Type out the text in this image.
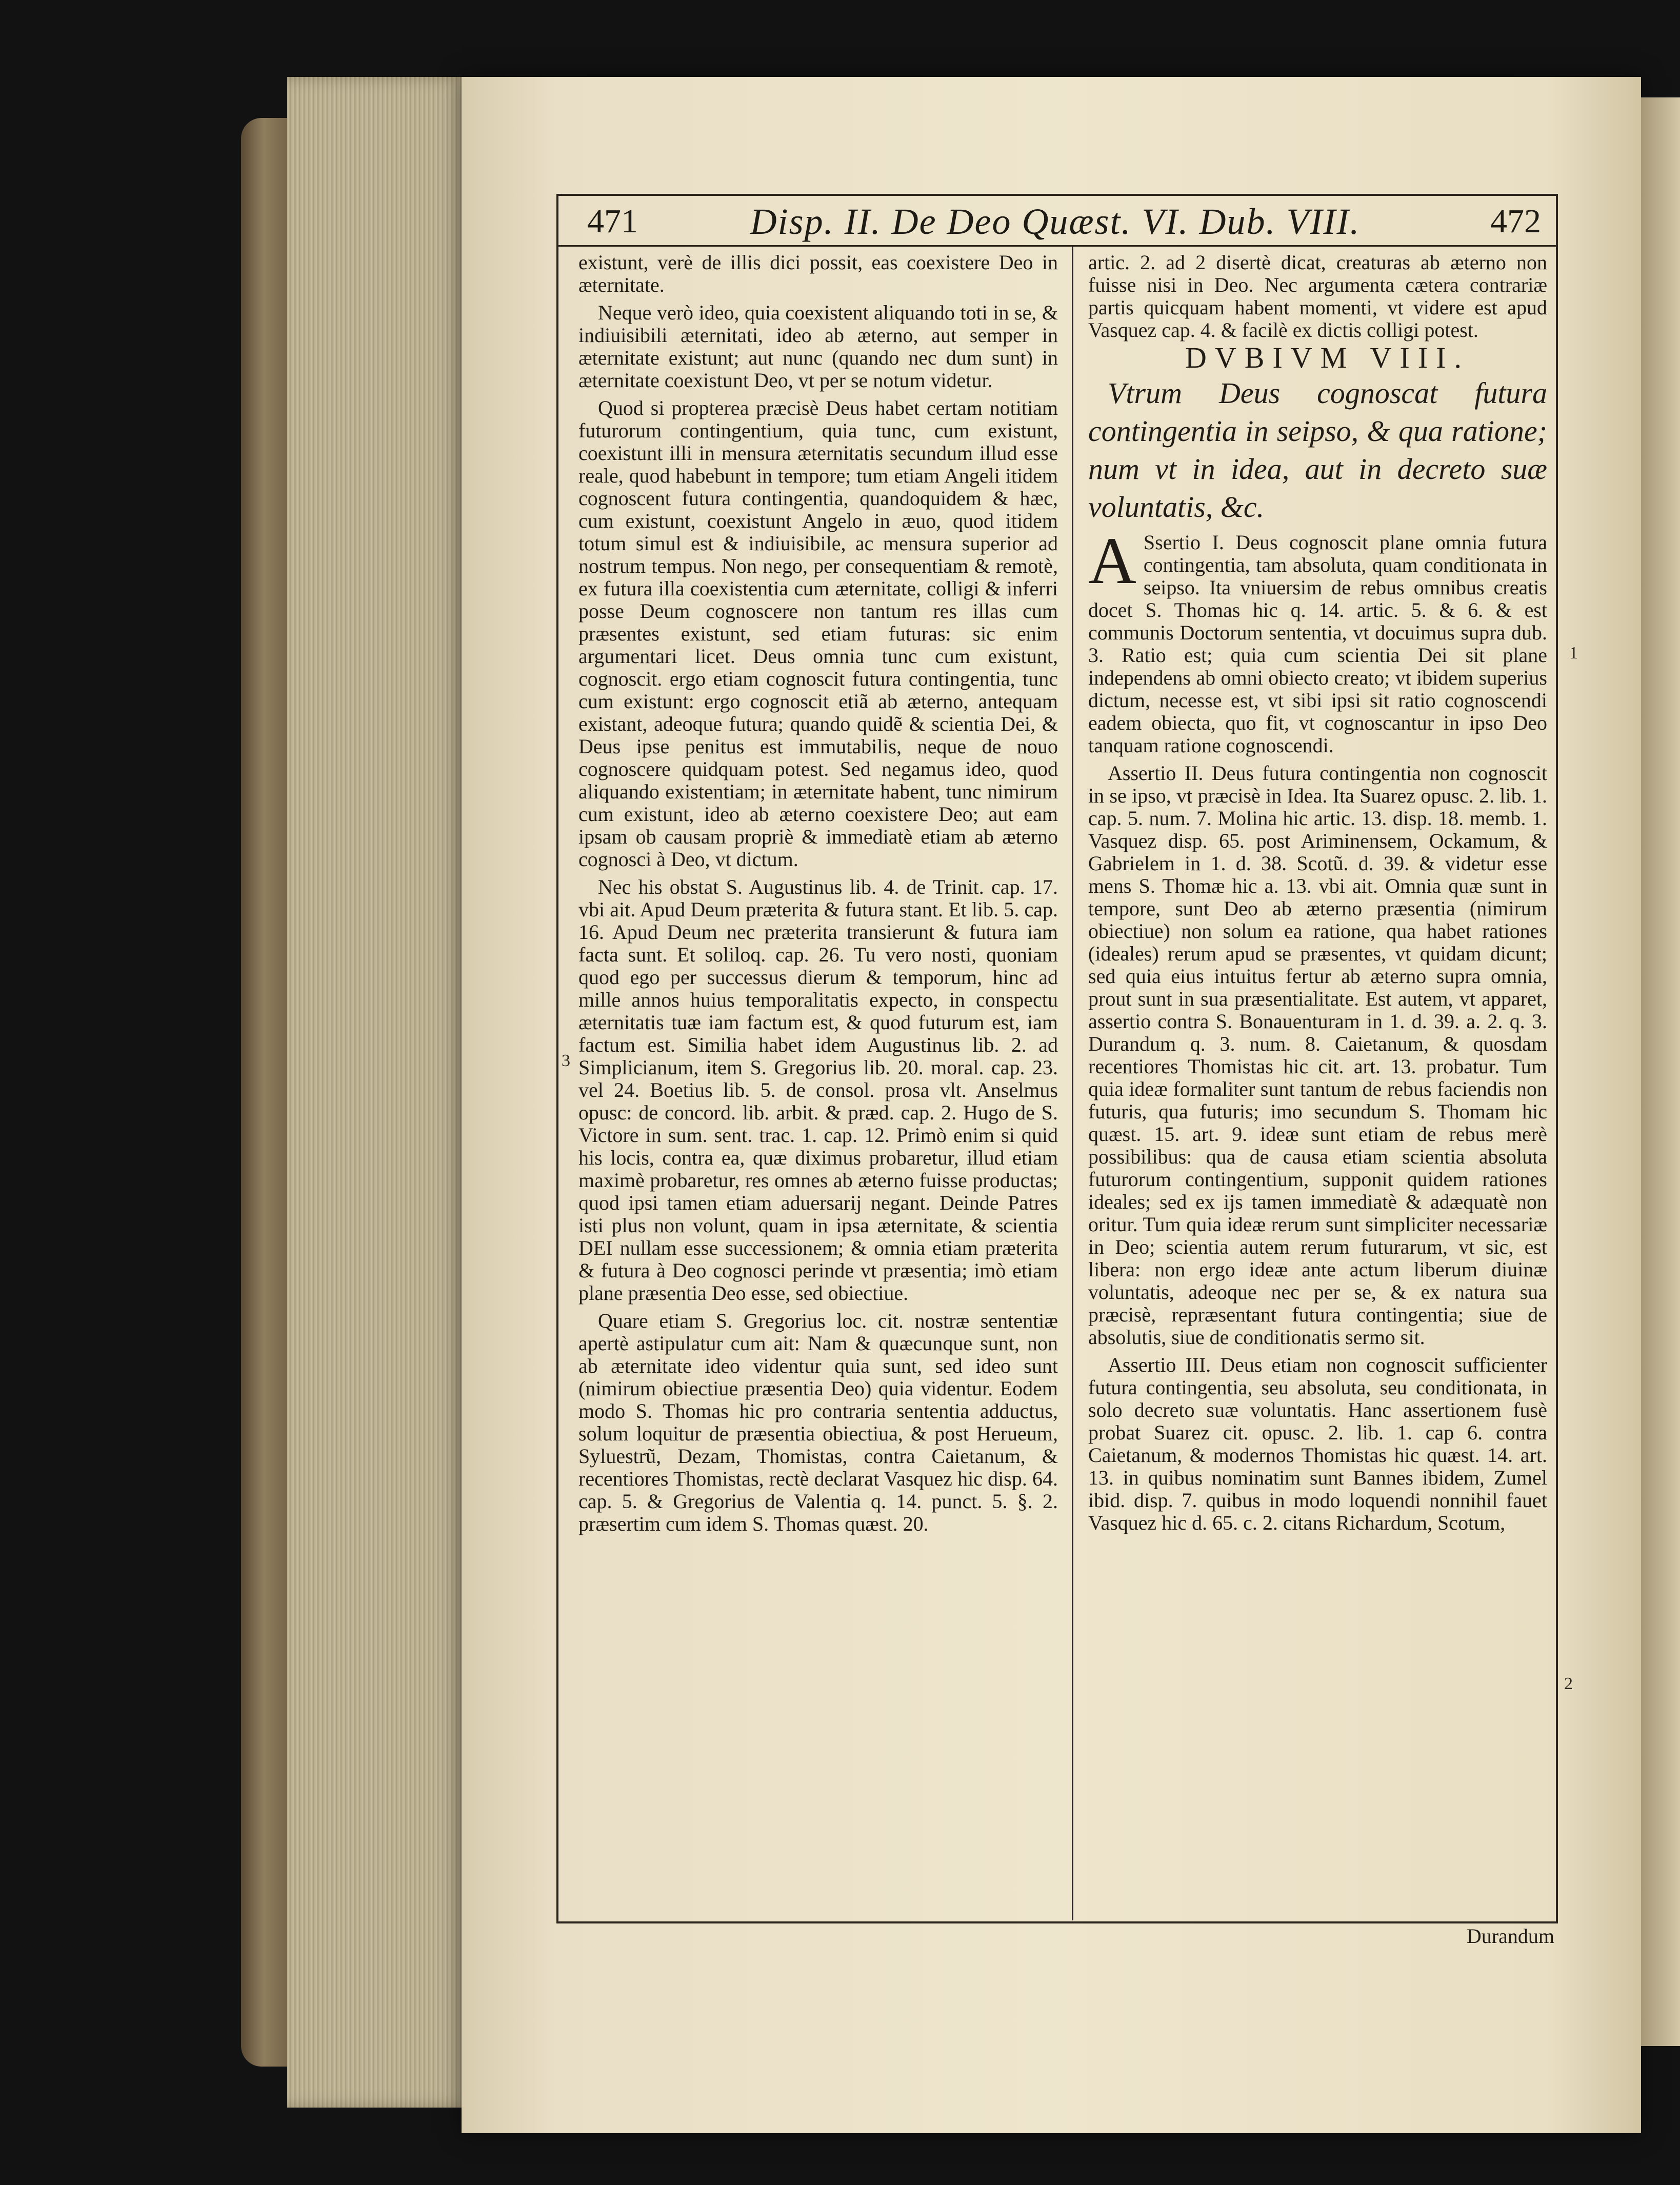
471	Disp. II. De Deo Quæst. VI. Dub. VIII.	472

existunt, verè de illis dici possit, eas coexistere Deo in æternitate.

Neque verò ideo, quia coexistent aliquando toti in se, & indiuisibili æternitati, ideo ab æterno, aut semper in æternitate existunt; aut nunc (quando nec dum sunt) in æternitate coexistunt Deo, vt per se notum videtur.

Quod si propterea præcisè Deus habet certam notitiam futurorum contingentium, quia tunc, cum existunt, coexistunt illi in mensura æternitatis secundum illud esse reale, quod habebunt in tempore; tum etiam Angeli itidem cognoscent futura contingentia, quandoquidem & hæc, cum existunt, coexistunt Angelo in æuo, quod itidem totum simul est & indiuisibile, ac mensura superior ad nostrum tempus. Non nego, per consequentiam & remotè, ex futura illa coexistentia cum æternitate, colligi & inferri posse Deum cognoscere non tantum res illas cum præsentes existunt, sed etiam futuras: sic enim argumentari licet. Deus omnia tunc cum existunt, cognoscit. ergo etiam cognoscit futura contingentia, tunc cum existunt: ergo cognoscit etiã ab æterno, antequam existant, adeoque futura; quando quidẽ & scientia Dei, & Deus ipse penitus est immutabilis, neque de nouo cognoscere quidquam potest. Sed negamus ideo, quod aliquando existentiam; in æternitate habent, tunc nimirum cum existunt, ideo ab æterno coexistere Deo; aut eam ipsam ob causam propriè & immediatè etiam ab æterno cognosci à Deo, vt dictum.

Nec his obstat S. Augustinus lib. 4. de Trinit. cap. 17. vbi ait. Apud Deum præterita & futura stant. Et lib. 5. cap. 16. Apud Deum nec præterita transierunt & futura iam facta sunt. Et soliloq. cap. 26. Tu vero nosti, quoniam quod ego per successus dierum & temporum, hinc ad mille annos huius temporalitatis expecto, in conspectu æternitatis tuæ iam factum est, & quod futurum est, iam factum est. Similia habet idem Augustinus lib. 2. ad Simplicianum, item S. Gregorius lib. 20. moral. cap. 23. vel 24. Boetius lib. 5. de consol. prosa vlt. Anselmus opusc: de concord. lib. arbit. & præd. cap. 2. Hugo de S. Victore in sum. sent. trac. 1. cap. 12. Primò enim si quid his locis, contra ea, quæ diximus probaretur, illud etiam maximè probaretur, res omnes ab æterno fuisse productas; quod ipsi tamen etiam aduersarij negant. Deinde Patres isti plus non volunt, quam in ipsa æternitate, & scientia DEI nullam esse successionem; & omnia etiam præterita & futura à Deo cognosci perinde vt præsentia; imò etiam plane præsentia Deo esse, sed obiectiue.

Quare etiam S. Gregorius loc. cit. nostræ sententiæ apertè astipulatur cum ait: Nam & quæcunque sunt, non ab æternitate ideo videntur quia sunt, sed ideo sunt (nimirum obiectiue præsentia Deo) quia videntur. Eodem modo S. Thomas hic pro contraria sententia adductus, solum loquitur de præsentia obiectiua, & post Herueum, Syluestrũ, Dezam, Thomistas, contra Caietanum, & recentiores Thomistas, rectè declarat Vasquez hic disp. 64. cap. 5. & Gregorius de Valentia q. 14. punct. 5. §. 2. præsertim cum idem S. Thomas quæst. 20.

artic. 2. ad 2 disertè dicat, creaturas ab æterno non fuisse nisi in Deo. Nec argumenta cætera contrariæ partis quicquam habent momenti, vt videre est apud Vasquez cap. 4. & facilè ex dictis colligi potest.

DVBIVM VIII.

Vtrum Deus cognoscat futura contingentia in seipso, & qua ratione; num vt in idea, aut in decreto suæ voluntatis, &c.

A Ssertio I. Deus cognoscit plane omnia futura contingentia, tam absoluta, quam conditionata in seipso. Ita vniuersim de rebus omnibus creatis docet S. Thomas hic q. 14. artic. 5. & 6. & est communis Doctorum sententia, vt docuimus supra dub. 3. Ratio est; quia cum scientia Dei sit plane independens ab omni obiecto creato; vt ibidem superius dictum, necesse est, vt sibi ipsi sit ratio cognoscendi eadem obiecta, quo fit, vt cognoscantur in ipso Deo tanquam ratione cognoscendi.

Assertio II. Deus futura contingentia non cognoscit in se ipso, vt præcisè in Idea. Ita Suarez opusc. 2. lib. 1. cap. 5. num. 7. Molina hic artic. 13. disp. 18. memb. 1. Vasquez disp. 65. post Ariminensem, Ockamum, & Gabrielem in 1. d. 38. Scotũ. d. 39. & videtur esse mens S. Thomæ hic a. 13. vbi ait. Omnia quæ sunt in tempore, sunt Deo ab æterno præsentia (nimirum obiectiue) non solum ea ratione, qua habet rationes (ideales) rerum apud se præsentes, vt quidam dicunt; sed quia eius intuitus fertur ab æterno supra omnia, prout sunt in sua præsentialitate. Est autem, vt apparet, assertio contra S. Bonauenturam in 1. d. 39. a. 2. q. 3. Durandum q. 3. num. 8. Caietanum, & quosdam recentiores Thomistas hic cit. art. 13. probatur. Tum quia ideæ formaliter sunt tantum de rebus faciendis non futuris, qua futuris; imo secundum S. Thomam hic quæst. 15. art. 9. ideæ sunt etiam de rebus merè possibilibus: qua de causa etiam scientia absoluta futurorum contingentium, supponit quidem rationes ideales; sed ex ijs tamen immediatè & adæquatè non oritur. Tum quia ideæ rerum sunt simpliciter necessariæ in Deo; scientia autem rerum futurarum, vt sic, est libera: non ergo ideæ ante actum liberum diuinæ voluntatis, adeoque nec per se, & ex natura sua præcisè, repræsentant futura contingentia; siue de absolutis, siue de conditionatis sermo sit.

Assertio III. Deus etiam non cognoscit sufficienter futura contingentia, seu absoluta, seu conditionata, in solo decreto suæ voluntatis. Hanc assertionem fusè probat Suarez cit. opusc. 2. lib. 1. cap 6. contra Caietanum, & modernos Thomistas hic quæst. 14. art. 13. in quibus nominatim sunt Bannes ibidem, Zumel ibid. disp. 7. quibus in modo loquendi nonnihil fauet Vasquez hic d. 65. c. 2. citans Richardum, Scotum,

3
1
2
Durandum
